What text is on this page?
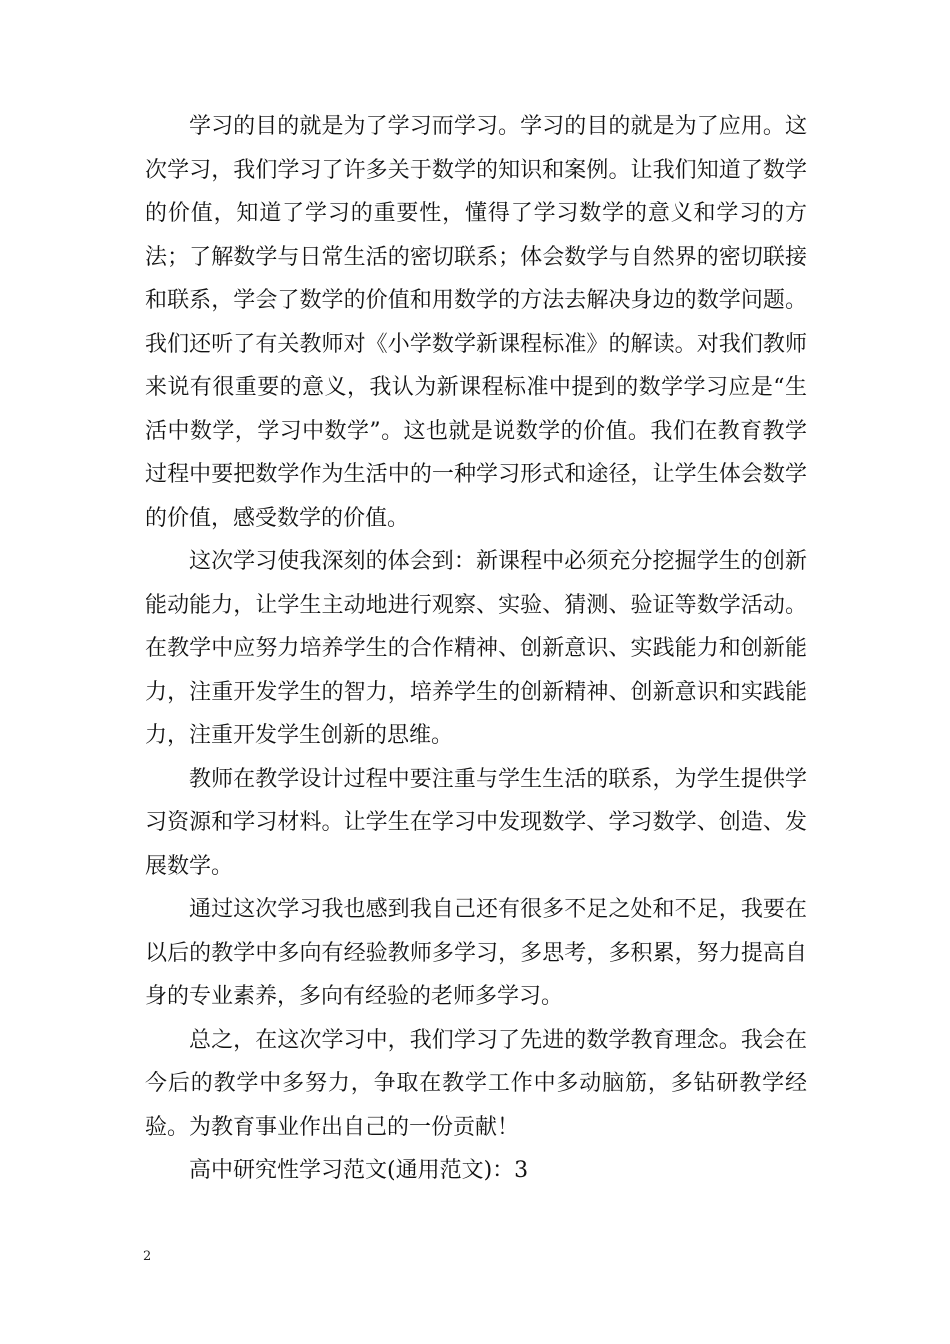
学习的目的就是为了学习而学习。学习的目的就是为了应用。这次学习，我们学习了许多关于数学的知识和案例。让我们知道了数学的价值，知道了学习的重要性，懂得了学习数学的意义和学习的方法；了解数学与日常生活的密切联系；体会数学与自然界的密切联接和联系，学会了数学的价值和用数学的方法去解决身边的数学问题。我们还听了有关教师对《小学数学新课程标准》的解读。对我们教师来说有很重要的意义，我认为新课程标准中提到的数学学习应是“生活中数学，学习中数学”。这也就是说数学的价值。我们在教育教学过程中要把数学作为生活中的一种学习形式和途径，让学生体会数学的价值，感受数学的价值。

这次学习使我深刻的体会到：新课程中必须充分挖掘学生的创新能动能力，让学生主动地进行观察、实验、猜测、验证等数学活动。在教学中应努力培养学生的合作精神、创新意识、实践能力和创新能力，注重开发学生的智力，培养学生的创新精神、创新意识和实践能力，注重开发学生创新的思维。

教师在教学设计过程中要注重与学生生活的联系，为学生提供学习资源和学习材料。让学生在学习中发现数学、学习数学、创造、发展数学。

通过这次学习我也感到我自己还有很多不足之处和不足，我要在以后的教学中多向有经验教师多学习，多思考，多积累，努力提高自身的专业素养，多向有经验的老师多学习。

总之，在这次学习中，我们学习了先进的数学教育理念。我会在今后的教学中多努力，争取在教学工作中多动脑筋，多钻研教学经验。为教育事业作出自己的一份贡献！

高中研究性学习范文(通用范文)：3

2
